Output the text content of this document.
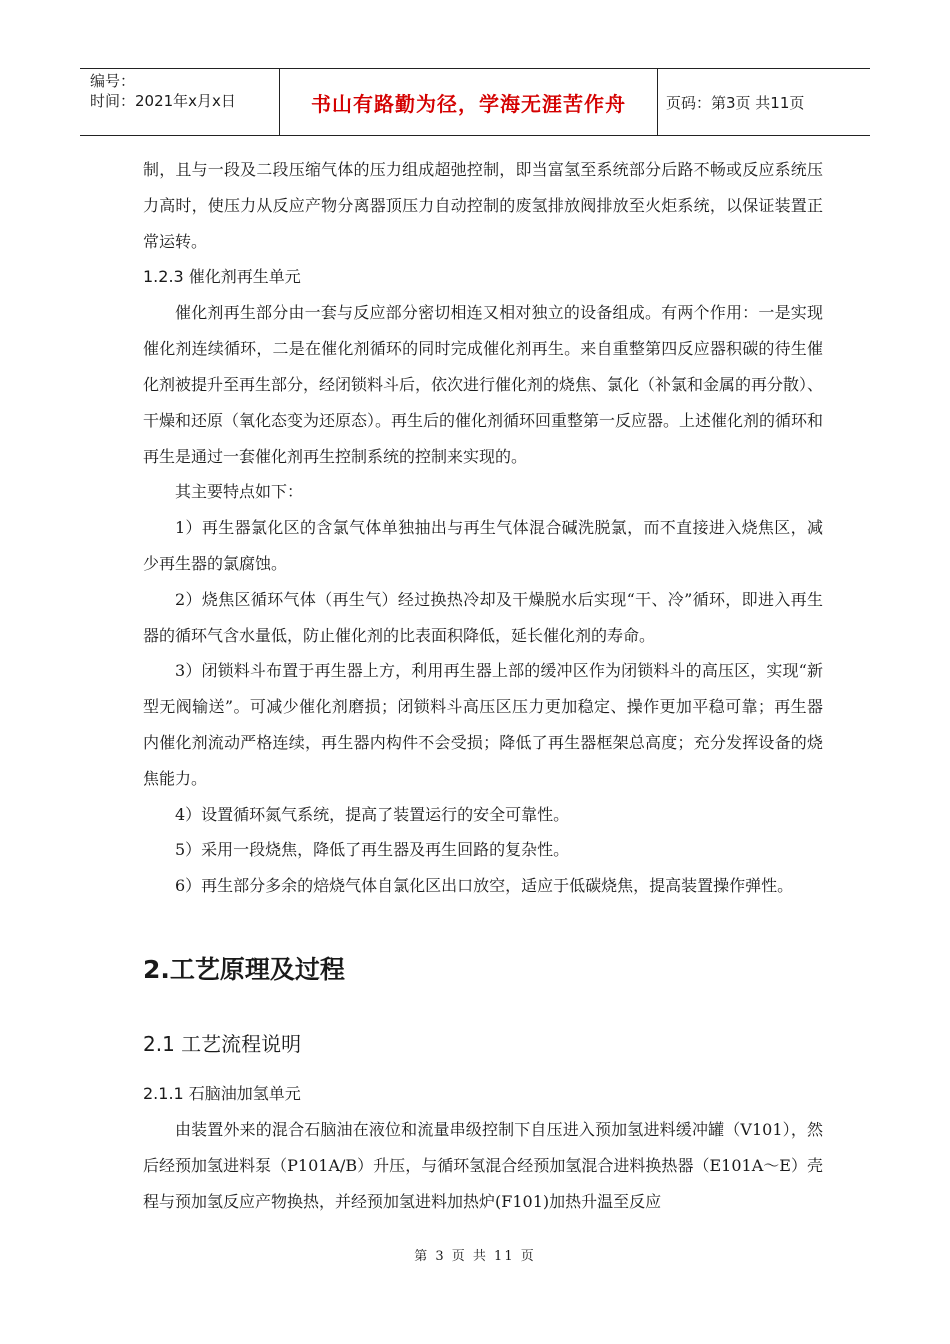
编号：
时间：2021年x月x日	书山有路勤为径，学海无涯苦作舟	页码：第3页 共11页

制，且与一段及二段压缩气体的压力组成超弛控制，即当富氢至系统部分后路不畅或反应系统压力高时，使压力从反应产物分离器顶压力自动控制的废氢排放阀排放至火炬系统，以保证装置正常运转。

1.2.3 催化剂再生单元

催化剂再生部分由一套与反应部分密切相连又相对独立的设备组成。有两个作用：一是实现催化剂连续循环，二是在催化剂循环的同时完成催化剂再生。来自重整第四反应器积碳的待生催化剂被提升至再生部分，经闭锁料斗后，依次进行催化剂的烧焦、氯化（补氯和金属的再分散）、干燥和还原（氧化态变为还原态）。再生后的催化剂循环回重整第一反应器。上述催化剂的循环和再生是通过一套催化剂再生控制系统的控制来实现的。

其主要特点如下：

1）再生器氯化区的含氯气体单独抽出与再生气体混合碱洗脱氯，而不直接进入烧焦区，减少再生器的氯腐蚀。

2）烧焦区循环气体（再生气）经过换热冷却及干燥脱水后实现“干、冷”循环，即进入再生器的循环气含水量低，防止催化剂的比表面积降低，延长催化剂的寿命。

3）闭锁料斗布置于再生器上方，利用再生器上部的缓冲区作为闭锁料斗的高压区，实现“新型无阀输送”。可减少催化剂磨损；闭锁料斗高压区压力更加稳定、操作更加平稳可靠；再生器内催化剂流动严格连续，再生器内构件不会受损；降低了再生器框架总高度；充分发挥设备的烧焦能力。

4）设置循环氮气系统，提高了装置运行的安全可靠性。

5）采用一段烧焦，降低了再生器及再生回路的复杂性。

6）再生部分多余的焙烧气体自氯化区出口放空，适应于低碳烧焦，提高装置操作弹性。

2.工艺原理及过程
2.1 工艺流程说明
2.1.1 石脑油加氢单元

由装置外来的混合石脑油在液位和流量串级控制下自压进入预加氢进料缓冲罐（V101），然后经预加氢进料泵（P101A/B）升压，与循环氢混合经预加氢混合进料换热器（E101A～E）壳程与预加氢反应产物换热，并经预加氢进料加热炉(F101)加热升温至反应

第 3 页 共 11 页
